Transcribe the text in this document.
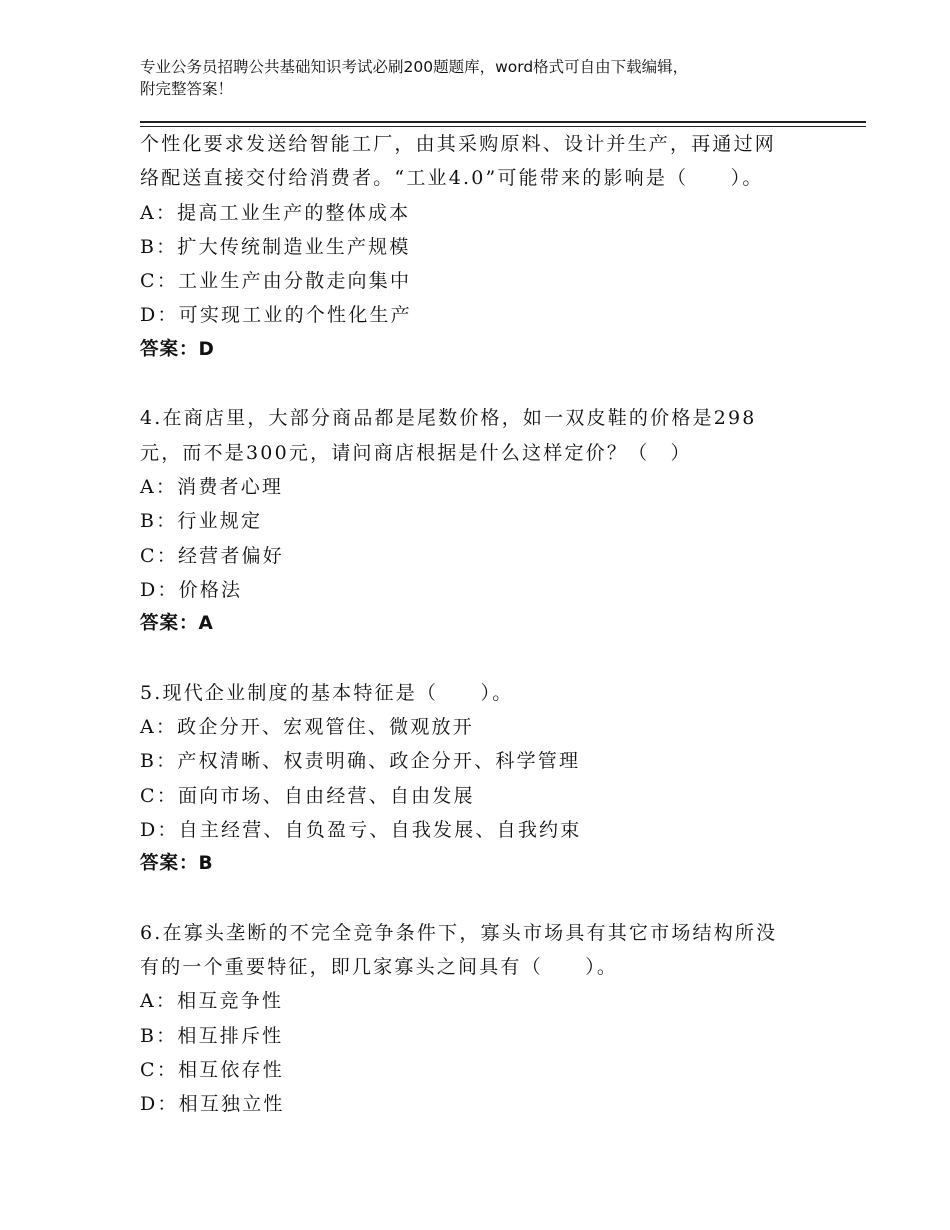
专业公务员招聘公共基础知识考试必刷200题题库，word格式可自由下载编辑，
附完整答案！
个性化要求发送给智能工厂，由其采购原料、设计并生产，再通过网
络配送直接交付给消费者。“工业4.0”可能带来的影响是（　　）。
A：提高工业生产的整体成本
B：扩大传统制造业生产规模
C：工业生产由分散走向集中
D：可实现工业的个性化生产
答案：D
4.在商店里，大部分商品都是尾数价格，如一双皮鞋的价格是298
元，而不是300元，请问商店根据是什么这样定价？（　）
A：消费者心理
B：行业规定
C：经营者偏好
D：价格法
答案：A
5.现代企业制度的基本特征是（　　）。
A：政企分开、宏观管住、微观放开
B：产权清晰、权责明确、政企分开、科学管理
C：面向市场、自由经营、自由发展
D：自主经营、自负盈亏、自我发展、自我约束
答案：B
6.在寡头垄断的不完全竞争条件下，寡头市场具有其它市场结构所没
有的一个重要特征，即几家寡头之间具有（　　）。
A：相互竞争性
B：相互排斥性
C：相互依存性
D：相互独立性
